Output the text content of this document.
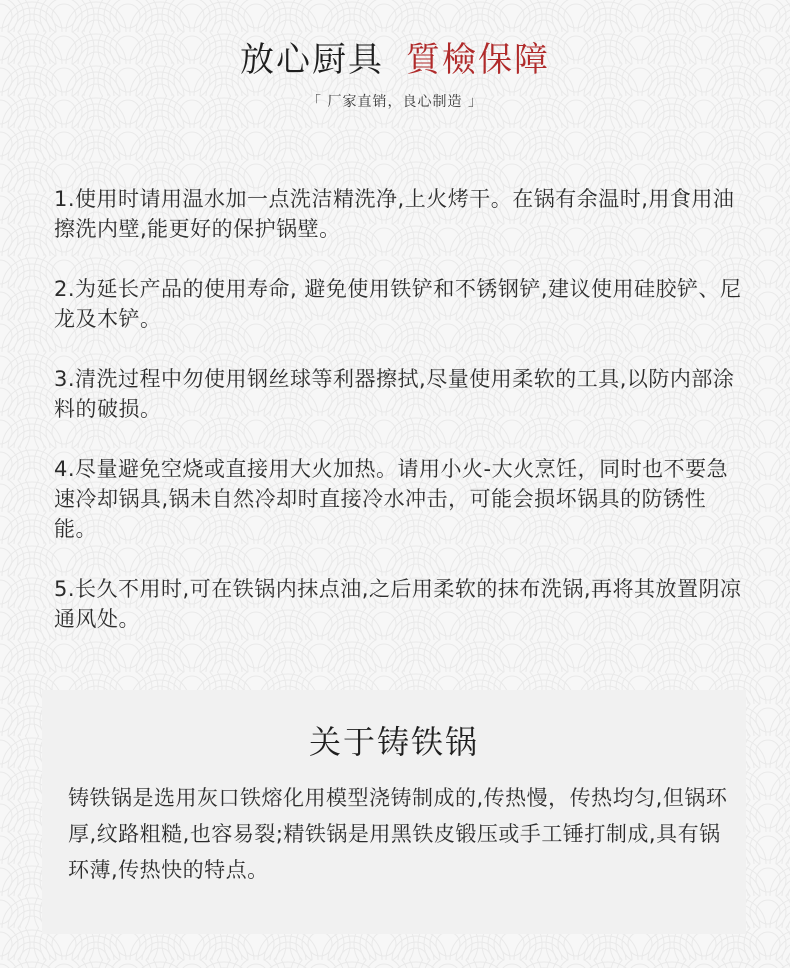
放心厨具 質檢保障
「 厂家直销，良心制造 」

1.使用时请用温水加一点洗洁精洗净,上火烤干。在锅有余温时,用食用油擦洗内壁,能更好的保护锅壁。

2.为延长产品的使用寿命, 避免使用铁铲和不锈钢铲,建议使用硅胶铲、尼龙及木铲。

3.清洗过程中勿使用钢丝球等利器擦拭,尽量使用柔软的工具,以防内部涂料的破损。

4.尽量避免空烧或直接用大火加热。请用小火-大火烹饪，同时也不要急速冷却锅具,锅未自然冷却时直接冷水冲击，可能会损坏锅具的防锈性能。

5.长久不用时,可在铁锅内抹点油,之后用柔软的抹布洗锅,再将其放置阴凉通风处。

关于铸铁锅
铸铁锅是选用灰口铁熔化用模型浇铸制成的,传热慢，传热均匀,但锅环厚,纹路粗糙,也容易裂;精铁锅是用黑铁皮锻压或手工锤打制成,具有锅环薄,传热快的特点。
